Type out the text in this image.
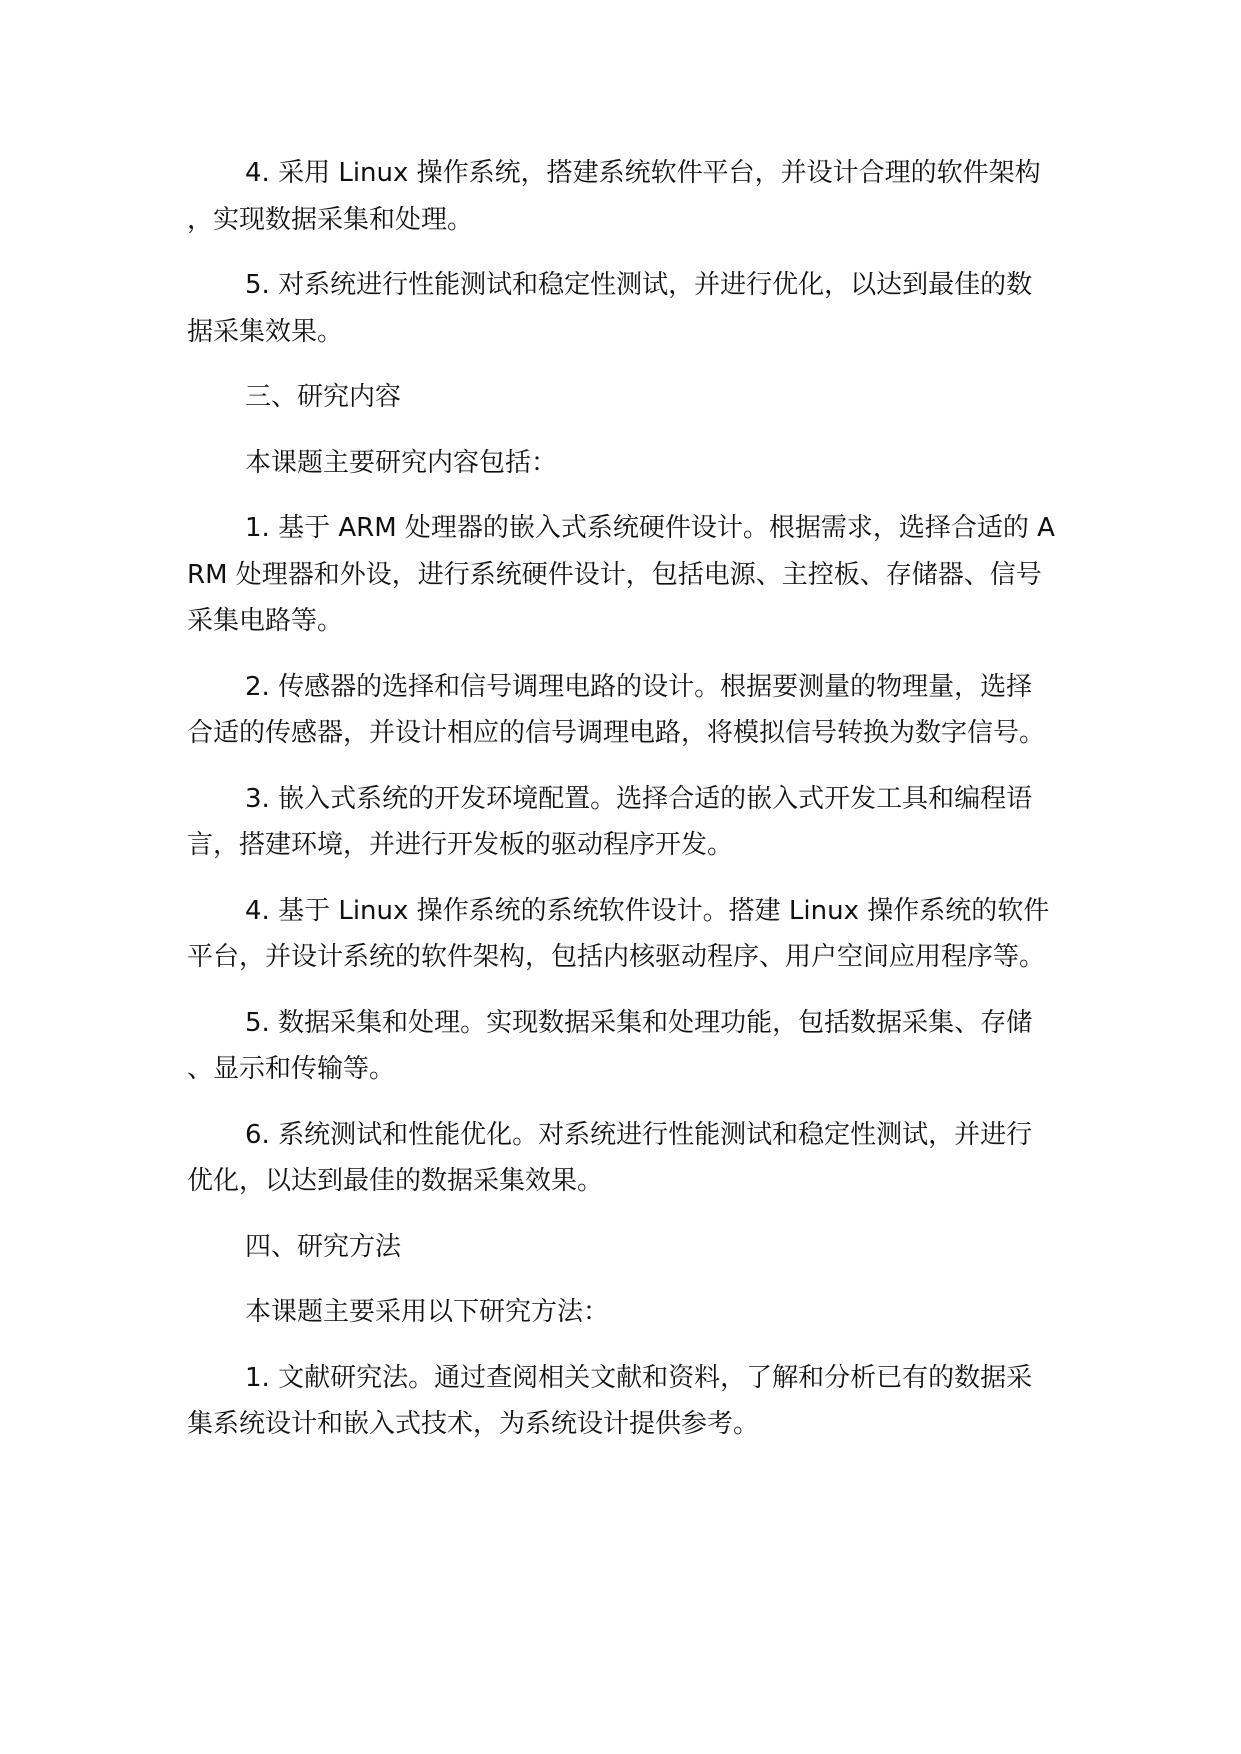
4. 采用 Linux 操作系统，搭建系统软件平台，并设计合理的软件架构，实现数据采集和处理。

5. 对系统进行性能测试和稳定性测试，并进行优化，以达到最佳的数据采集效果。

三、研究内容

本课题主要研究内容包括：

1. 基于 ARM 处理器的嵌入式系统硬件设计。根据需求，选择合适的 ARM 处理器和外设，进行系统硬件设计，包括电源、主控板、存储器、信号采集电路等。

2. 传感器的选择和信号调理电路的设计。根据要测量的物理量，选择合适的传感器，并设计相应的信号调理电路，将模拟信号转换为数字信号。

3. 嵌入式系统的开发环境配置。选择合适的嵌入式开发工具和编程语言，搭建环境，并进行开发板的驱动程序开发。

4. 基于 Linux 操作系统的系统软件设计。搭建 Linux 操作系统的软件平台，并设计系统的软件架构，包括内核驱动程序、用户空间应用程序等。

5. 数据采集和处理。实现数据采集和处理功能，包括数据采集、存储、显示和传输等。

6. 系统测试和性能优化。对系统进行性能测试和稳定性测试，并进行优化，以达到最佳的数据采集效果。

四、研究方法

本课题主要采用以下研究方法：

1. 文献研究法。通过查阅相关文献和资料，了解和分析已有的数据采集系统设计和嵌入式技术，为系统设计提供参考。
